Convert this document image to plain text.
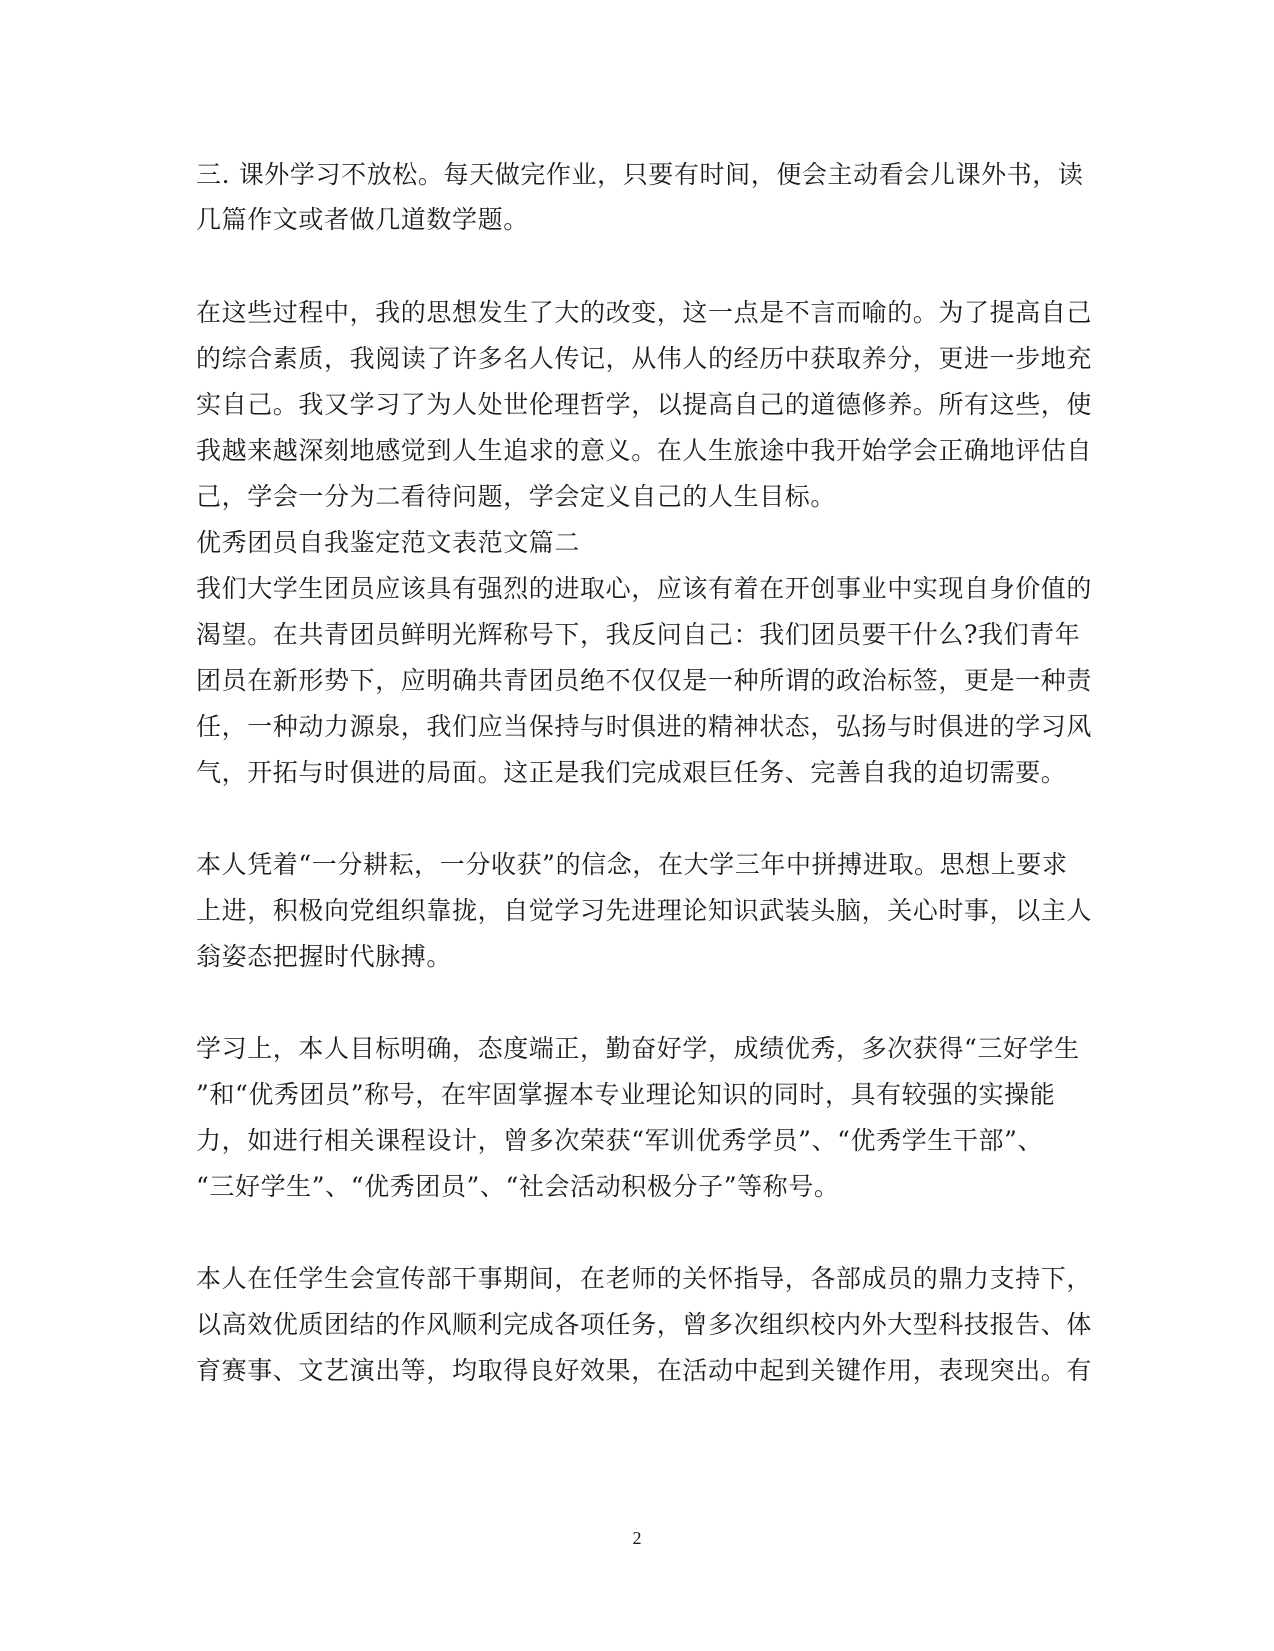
三. 课外学习不放松。每天做完作业，只要有时间，便会主动看会儿课外书，读
几篇作文或者做几道数学题。
在这些过程中，我的思想发生了大的改变，这一点是不言而喻的。为了提高自己
的综合素质，我阅读了许多名人传记，从伟人的经历中获取养分，更进一步地充
实自己。我又学习了为人处世伦理哲学，以提高自己的道德修养。所有这些，使
我越来越深刻地感觉到人生追求的意义。在人生旅途中我开始学会正确地评估自
己，学会一分为二看待问题，学会定义自己的人生目标。
优秀团员自我鉴定范文表范文篇二
我们大学生团员应该具有强烈的进取心，应该有着在开创事业中实现自身价值的
渴望。在共青团员鲜明光辉称号下，我反问自己：我们团员要干什么?我们青年
团员在新形势下，应明确共青团员绝不仅仅是一种所谓的政治标签，更是一种责
任，一种动力源泉，我们应当保持与时俱进的精神状态，弘扬与时俱进的学习风
气，开拓与时俱进的局面。这正是我们完成艰巨任务、完善自我的迫切需要。
本人凭着“一分耕耘，一分收获”的信念，在大学三年中拼搏进取。思想上要求
上进，积极向党组织靠拢，自觉学习先进理论知识武装头脑，关心时事，以主人
翁姿态把握时代脉搏。
学习上，本人目标明确，态度端正，勤奋好学，成绩优秀，多次获得“三好学生
”和“优秀团员”称号，在牢固掌握本专业理论知识的同时，具有较强的实操能
力，如进行相关课程设计，曾多次荣获“军训优秀学员”、“优秀学生干部”、
“三好学生”、“优秀团员”、“社会活动积极分子”等称号。
本人在任学生会宣传部干事期间，在老师的关怀指导，各部成员的鼎力支持下，
以高效优质团结的作风顺利完成各项任务，曾多次组织校内外大型科技报告、体
育赛事、文艺演出等，均取得良好效果，在活动中起到关键作用，表现突出。有
2
